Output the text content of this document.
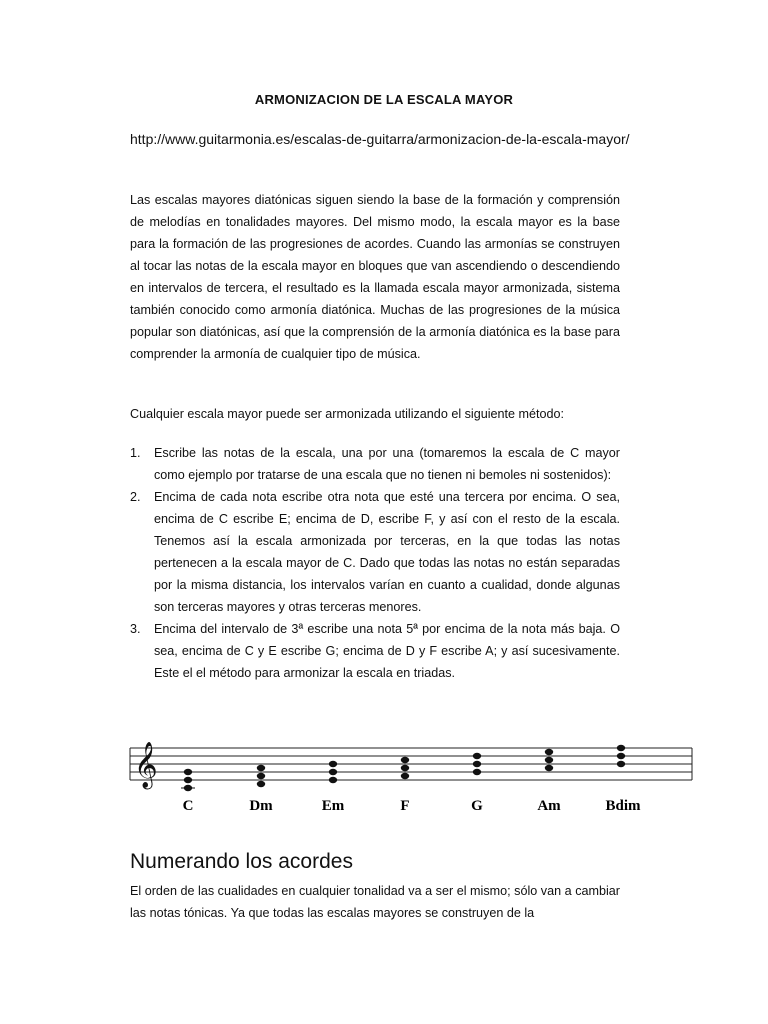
ARMONIZACION DE LA ESCALA MAYOR
http://www.guitarmonia.es/escalas-de-guitarra/armonizacion-de-la-escala-mayor/
Las escalas mayores diatónicas siguen siendo la base de la formación y comprensión de melodías en tonalidades mayores. Del mismo modo, la escala mayor es la base para la formación de las progresiones de acordes. Cuando las armonías se construyen al tocar las notas de la escala mayor en bloques que van ascendiendo o descendiendo en intervalos de tercera, el resultado es la llamada escala mayor armonizada, sistema también conocido como armonía diatónica. Muchas de las progresiones de la música popular son diatónicas, así que la comprensión de la armonía diatónica es la base para comprender la armonía de cualquier tipo de música.
Cualquier escala mayor puede ser armonizada utilizando el siguiente método:
1. Escribe las notas de la escala, una por una (tomaremos la escala de C mayor como ejemplo por tratarse de una escala que no tienen ni bemoles ni sostenidos):
2. Encima de cada nota escribe otra nota que esté una tercera por encima. O sea, encima de C escribe E; encima de D, escribe F, y así con el resto de la escala. Tenemos así la escala armonizada por terceras, en la que todas las notas pertenecen a la escala mayor de C. Dado que todas las notas no están separadas por la misma distancia, los intervalos varían en cuanto a cualidad, donde algunas son terceras mayores y otras terceras menores.
3. Encima del intervalo de 3ª escribe una nota 5ª por encima de la nota más baja. O sea, encima de C y E escribe G; encima de D y F escribe A; y así sucesivamente. Este el el método para armonizar la escala en triadas.
𝄞
C	Dm	Em	F	G	Am	Bdim
Numerando los acordes
El orden de las cualidades en cualquier tonalidad va a ser el mismo; sólo van a cambiar las notas tónicas. Ya que todas las escalas mayores se construyen de la
